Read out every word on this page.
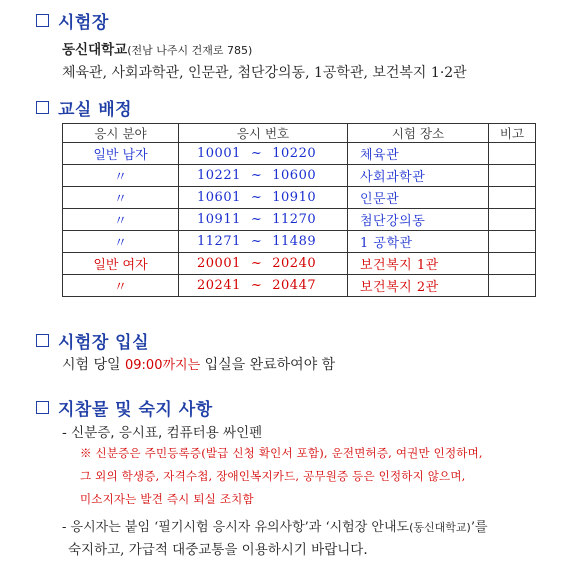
시험장
동신대학교(전남 나주시 건재로 785)
체육관, 사회과학관, 인문관, 첨단강의동, 1공학관, 보건복지 1·2관
교실 배정
응시 분야	응시 번호	시험 장소	비고
일반 남자	10001 ~ 10220	체육관	
〃	10221 ~ 10600	사회과학관	
〃	10601 ~ 10910	인문관	
〃	10911 ~ 11270	첨단강의동	
〃	11271 ~ 11489	1 공학관	
일반 여자	20001 ~ 20240	보건복지 1관	
〃	20241 ~ 20447	보건복지 2관	
시험장 입실
시험 당일 09:00까지는 입실을 완료하여야 함
지참물 및 숙지 사항
- 신분증, 응시표, 컴퓨터용 싸인펜
※ 신분증은 주민등록증(발급 신청 확인서 포함), 운전면허증, 여권만 인정하며,
그 외의 학생증, 자격수첩, 장애인복지카드, 공무원증 등은 인정하지 않으며,
미소지자는 발견 즉시 퇴실 조치함
- 응시자는 붙임 ‘필기시험 응시자 유의사항’과 ‘시험장 안내도(동신대학교)’를
숙지하고, 가급적 대중교통을 이용하시기 바랍니다.
